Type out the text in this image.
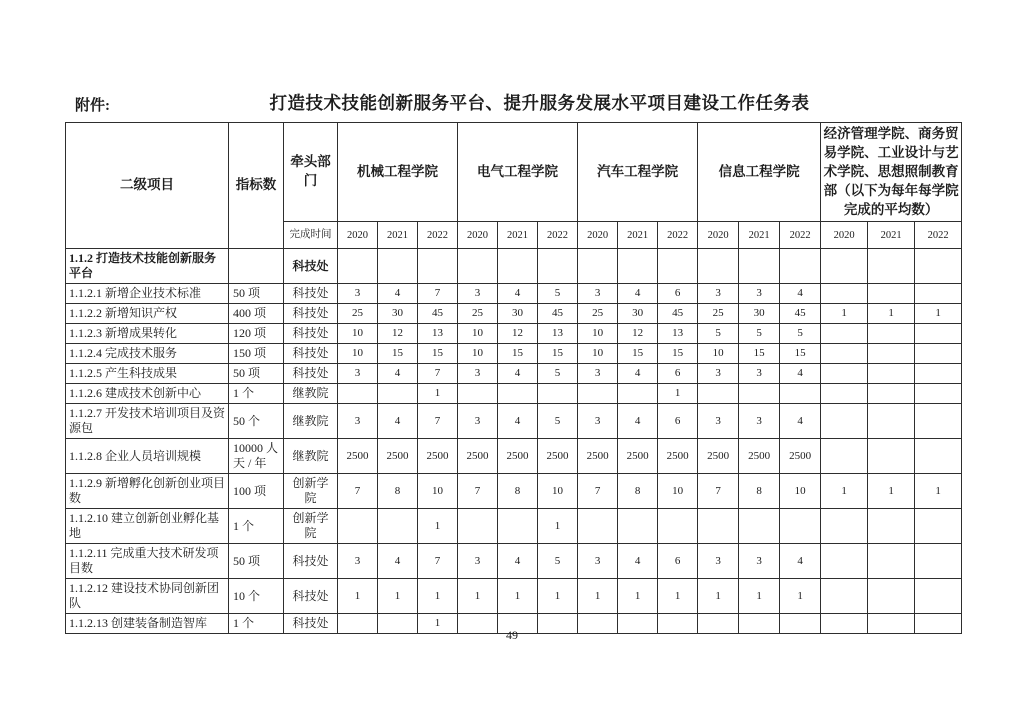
附件:	打造技术技能创新服务平台、提升服务发展水平项目建设工作任务表
二级项目	指标数	牵头部门	机械工程学院			电气工程学院			汽车工程学院			信息工程学院			经济管理学院、商务贸易学院、工业设计与艺术学院、思想照制教育部（以下为每年每学院完成的平均数）		
		完成时间	2020	2021	2022	2020	2021	2022	2020	2021	2022	2020	2021	2022	2020	2021	2022
1.1.2 打造技术技能创新服务平台		科技处															
1.1.2.1 新增企业技术标准	50 项	科技处	3	4	7	3	4	5	3	4	6	3	3	4			
1.1.2.2 新增知识产权	400 项	科技处	25	30	45	25	30	45	25	30	45	25	30	45	1	1	1
1.1.2.3 新增成果转化	120 项	科技处	10	12	13	10	12	13	10	12	13	5	5	5			
1.1.2.4 完成技术服务	150 项	科技处	10	15	15	10	15	15	10	15	15	10	15	15			
1.1.2.5 产生科技成果	50 项	科技处	3	4	7	3	4	5	3	4	6	3	3	4			
1.1.2.6 建成技术创新中心	1 个	继教院			1						1						
1.1.2.7 开发技术培训项目及资源包	50 个	继教院	3	4	7	3	4	5	3	4	6	3	3	4			
1.1.2.8 企业人员培训规模	10000 人 天 / 年	继教院	2500	2500	2500	2500	2500	2500	2500	2500	2500	2500	2500	2500			
1.1.2.9 新增孵化创新创业项目数	100 项	创新学院	7	8	10	7	8	10	7	8	10	7	8	10	1	1	1
1.1.2.10 建立创新创业孵化基地	1 个	创新学院			1			1									
1.1.2.11 完成重大技术研发项目数	50 项	科技处	3	4	7	3	4	5	3	4	6	3	3	4			
1.1.2.12 建设技术协同创新团队	10 个	科技处	1	1	1	1	1	1	1	1	1	1	1	1			
1.1.2.13 创建装备制造智库	1 个	科技处			1												
49
